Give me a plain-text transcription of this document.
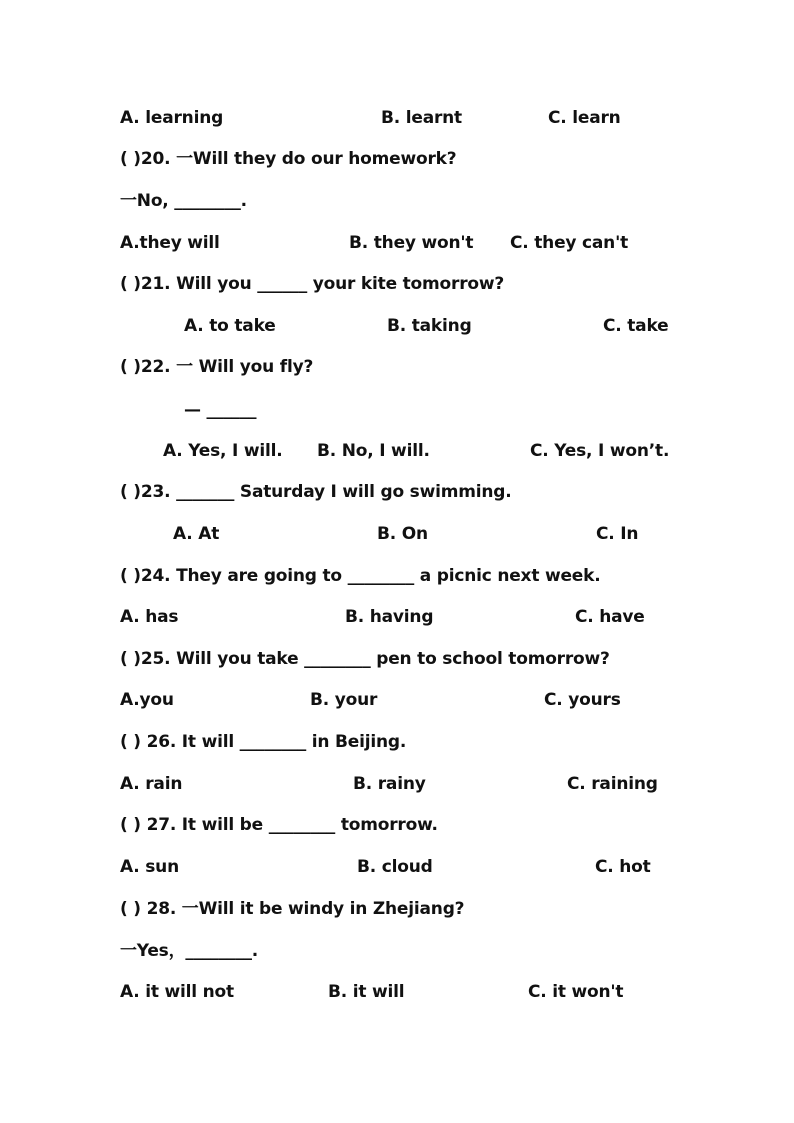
A. learning	B. learnt	C. learn
( )20. 一Will they do our homework?
一No, ________.
A.they will	B. they won't C. they can't
( )21. Will you ______ your kite tomorrow?
A. to take	B. taking	C. take
( )22. 一 Will you fly?
— ______
A. Yes, I will. B. No, I will.	C. Yes, I won’t.
( )23. _______ Saturday I will go swimming.
A. At	B. On	C. In
( )24. They are going to ________ a picnic next week.
A. has	B. having	C. have
( )25. Will you take ________ pen to school tomorrow?
A.you	B. your	C. yours
( ) 26. It will ________ in Beijing.
A. rain	B. rainy	C. raining
( ) 27. It will be ________ tomorrow.
A. sun	B. cloud	C. hot
( ) 28. 一Will it be windy in Zhejiang?
一Yes，________.
A. it will not	B. it will	C. it won't
